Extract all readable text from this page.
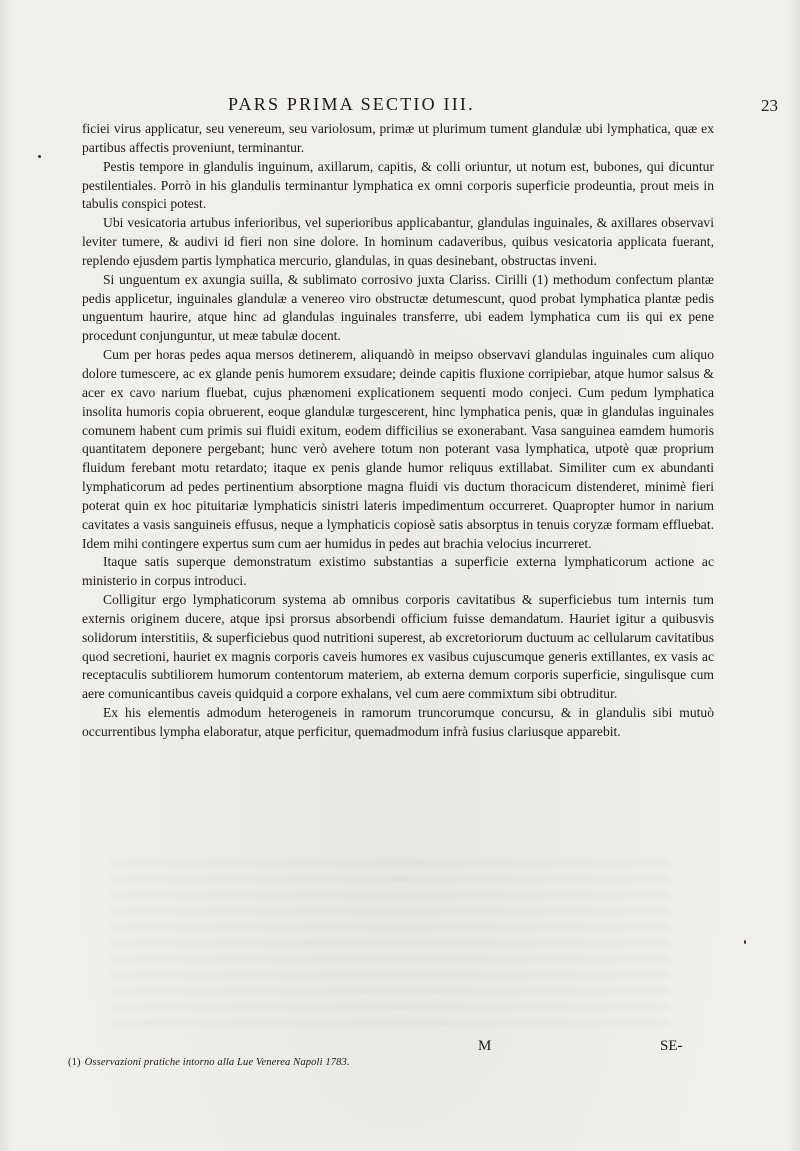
PARS PRIMA SECTIO III.	23

ficiei virus applicatur, seu venereum, seu variolosum, primæ ut plurimum tument glandulæ ubi lymphatica, quæ ex partibus affectis proveniunt, terminantur.

Pestis tempore in glandulis inguinum, axillarum, capitis, & colli oriuntur, ut notum est, bubones, qui dicuntur pestilentiales. Porrò in his glandulis terminantur lymphatica ex omni corporis superficie prodeuntia, prout meis in tabulis conspici potest.

Ubi vesicatoria artubus inferioribus, vel superioribus applicabantur, glandulas inguinales, & axillares observavi leviter tumere, & audivi id fieri non sine dolore. In hominum cadaveribus, quibus vesicatoria applicata fuerant, replendo ejusdem partis lymphatica mercurio, glandulas, in quas desinebant, obstructas inveni.

Si unguentum ex axungia suilla, & sublimato corrosivo juxta Clariss. Cirilli (1) methodum confectum plantæ pedis applicetur, inguinales glandulæ a venereo viro obstructæ detumescunt, quod probat lymphatica plantæ pedis unguentum haurire, atque hinc ad glandulas inguinales transferre, ubi eadem lymphatica cum iis qui ex pene procedunt conjunguntur, ut meæ tabulæ docent.

Cum per horas pedes aqua mersos detinerem, aliquandò in meipso observavi glandulas inguinales cum aliquo dolore tumescere, ac ex glande penis humorem exsudare; deinde capitis fluxione corripiebar, atque humor salsus & acer ex cavo narium fluebat, cujus phænomeni explicationem sequenti modo conjeci. Cum pedum lymphatica insolita humoris copia obruerent, eoque glandulæ turgescerent, hinc lymphatica penis, quæ in glandulas inguinales comunem habent cum primis sui fluidi exitum, eodem difficilius se exonerabant. Vasa sanguinea eamdem humoris quantitatem deponere pergebant; hunc verò avehere totum non poterant vasa lymphatica, utpotè quæ proprium fluidum ferebant motu retardato; itaque ex penis glande humor reliquus extillabat. Similiter cum ex abundanti lymphaticorum ad pedes pertinentium absorptione magna fluidi vis ductum thoracicum distenderet, minimè fieri poterat quin ex hoc pituitariæ lymphaticis sinistri lateris impedimentum occurreret. Quapropter humor in narium cavitates a vasis sanguineis effusus, neque a lymphaticis copiosè satis absorptus in tenuis coryzæ formam effluebat. Idem mihi contingere expertus sum cum aer humidus in pedes aut brachia velocius incurreret.

Itaque satis superque demonstratum existimo substantias a superficie externa lymphaticorum actione ac ministerio in corpus introduci.

Colligitur ergo lymphaticorum systema ab omnibus corporis cavitatibus & superficiebus tum internis tum externis originem ducere, atque ipsi prorsus absorbendi officium fuisse demandatum. Hauriet igitur a quibusvis solidorum interstitiis, & superficiebus quod nutritioni superest, ab excretoriorum ductuum ac cellularum cavitatibus quod secretioni, hauriet ex magnis corporis caveis humores ex vasibus cujuscumque generis extillantes, ex vasis ac receptaculis subtiliorem humorum contentorum materiem, ab externa demum corporis superficie, singulisque cum aere comunicantibus caveis quidquid a corpore exhalans, vel cum aere commixtum sibi obtruditur.

Ex his elementis admodum heterogeneis in ramorum truncorumque concursu, & in glandulis sibi mutuò occurrentibus lympha elaboratur, atque perficitur, quemadmodum infrà fusius clariusque apparebit.

M	SE-
(1) Osservazioni pratiche intorno alla Lue Venerea Napoli 1783.
